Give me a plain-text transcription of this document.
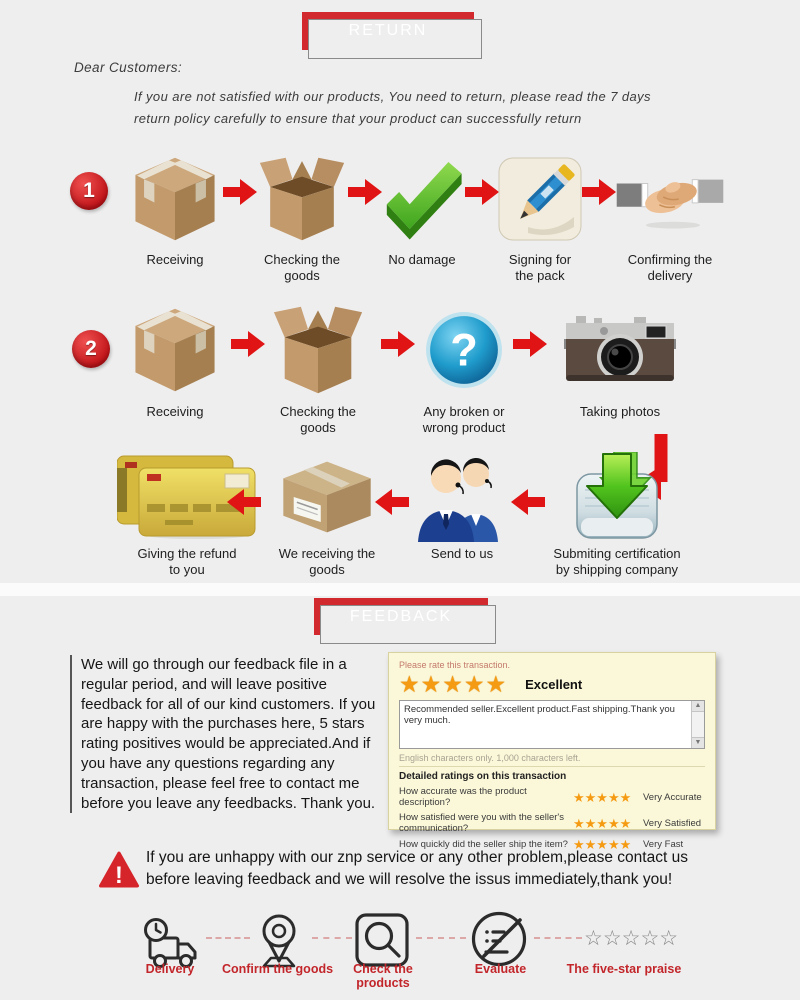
RETURN
Dear Customers:
If you are not satisfied with our products, You need to return, please read the 7 days
return policy carefully to ensure that your product can successfully return
1
Receiving	Checking the goods
No damage	Signing for the pack
Confirming the delivery
2
Receiving	Checking the goods
?
Any broken or wrong product
Taking photos
Giving the refund to you
We receiving the goods
Send to us	Submiting certification by shipping company
FEEDBACK
We will go through our feedback file in a regular period, and will leave positive feedback for all of our kind customers. If you are happy with the purchases here, 5 stars rating positives would be appreciated.And if you have any questions regarding any transaction, please feel free to contact me before you leave any feedbacks. Thank you.
Please rate this transaction.
★★★★★ Excellent
Recommended seller.Excellent product.Fast shipping.Thank you very much.
▲
▼
English characters only. 1,000 characters left.
Detailed ratings on this transaction
How accurate was the product description?	★★★★★	Very Accurate
How satisfied were you with the seller's communication?	★★★★★	Very Satisfied
How quickly did the seller ship the item? ★★★★★	Very Fast
!
If you are unhappy with our znp service or any other problem,please contact us before leaving feedback and we will resolve the issus immediately,thank you!
☆☆☆☆☆
Delivery	Confirm the goods	Check the products
Evaluate	The five-star praise
